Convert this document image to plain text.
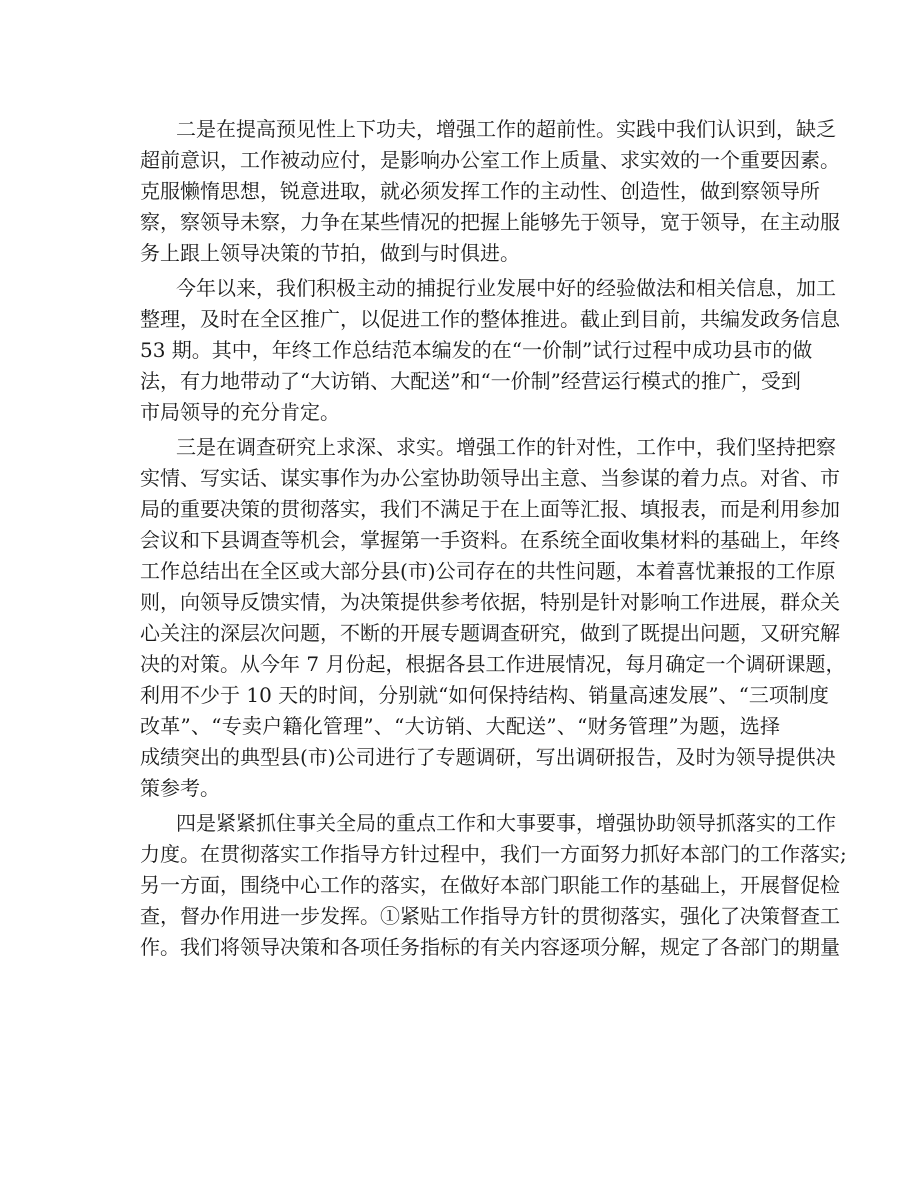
二是在提高预见性上下功夫，增强工作的超前性。实践中我们认识到，缺乏
超前意识，工作被动应付，是影响办公室工作上质量、求实效的一个重要因素。
克服懒惰思想，锐意进取，就必须发挥工作的主动性、创造性，做到察领导所
察，察领导未察，力争在某些情况的把握上能够先于领导，宽于领导，在主动服
务上跟上领导决策的节拍，做到与时俱进。

今年以来，我们积极主动的捕捉行业发展中好的经验做法和相关信息，加工
整理，及时在全区推广，以促进工作的整体推进。截止到目前，共编发政务信息
53 期。其中，年终工作总结范本编发的在“一价制”试行过程中成功县市的做
法，有力地带动了“大访销、大配送”和“一价制”经营运行模式的推广，受到
市局领导的充分肯定。

三是在调查研究上求深、求实。增强工作的针对性，工作中，我们坚持把察
实情、写实话、谋实事作为办公室协助领导出主意、当参谋的着力点。对省、市
局的重要决策的贯彻落实，我们不满足于在上面等汇报、填报表，而是利用参加
会议和下县调查等机会，掌握第一手资料。在系统全面收集材料的基础上，年终
工作总结出在全区或大部分县(市)公司存在的共性问题，本着喜忧兼报的工作原
则，向领导反馈实情，为决策提供参考依据，特别是针对影响工作进展，群众关
心关注的深层次问题，不断的开展专题调查研究，做到了既提出问题，又研究解
决的对策。从今年 7 月份起，根据各县工作进展情况，每月确定一个调研课题，
利用不少于 10 天的时间，分别就“如何保持结构、销量高速发展”、“三项制度
改革”、“专卖户籍化管理”、“大访销、大配送”、“财务管理”为题，选择
成绩突出的典型县(市)公司进行了专题调研，写出调研报告，及时为领导提供决
策参考。

四是紧紧抓住事关全局的重点工作和大事要事，增强协助领导抓落实的工作
力度。在贯彻落实工作指导方针过程中，我们一方面努力抓好本部门的工作落实;
另一方面，围绕中心工作的落实，在做好本部门职能工作的基础上，开展督促检
查，督办作用进一步发挥。①紧贴工作指导方针的贯彻落实，强化了决策督查工
作。我们将领导决策和各项任务指标的有关内容逐项分解，规定了各部门的期量
